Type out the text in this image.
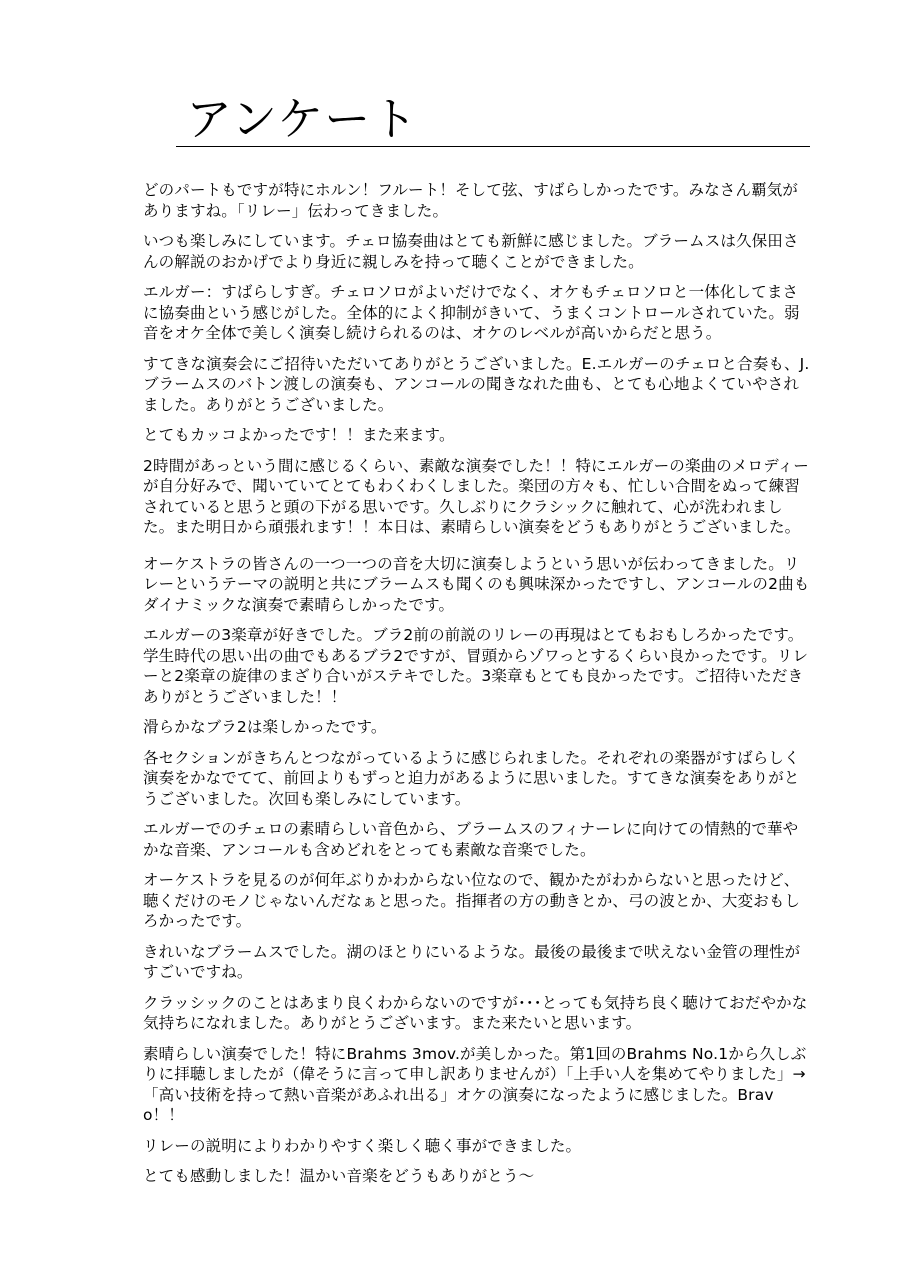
アンケート
どのパートもですが特にホルン！フルート！そして弦、すばらしかったです。みなさん覇気がありますね。「リレー」伝わってきました。
いつも楽しみにしています。チェロ協奏曲はとても新鮮に感じました。ブラームスは久保田さんの解説のおかげでより身近に親しみを持って聴くことができました。
エルガー：すばらしすぎ。チェロソロがよいだけでなく、オケもチェロソロと一体化してまさに協奏曲という感じがした。全体的によく抑制がきいて、うまくコントロールされていた。弱音をオケ全体で美しく演奏し続けられるのは、オケのレベルが高いからだと思う。
すてきな演奏会にご招待いただいてありがとうございました。E.エルガーのチェロと合奏も、J.ブラームスのバトン渡しの演奏も、アンコールの聞きなれた曲も、とても心地よくていやされました。ありがとうございました。
とてもカッコよかったです！！また来ます。
2時間があっという間に感じるくらい、素敵な演奏でした！！特にエルガーの楽曲のメロディーが自分好みで、聞いていてとてもわくわくしました。楽団の方々も、忙しい合間をぬって練習されていると思うと頭の下がる思いです。久しぶりにクラシックに触れて、心が洗われました。また明日から頑張れます！！本日は、素晴らしい演奏をどうもありがとうございました。
オーケストラの皆さんの一つ一つの音を大切に演奏しようという思いが伝わってきました。リレーというテーマの説明と共にブラームスも聞くのも興味深かったですし、アンコールの2曲もダイナミックな演奏で素晴らしかったです。
エルガーの3楽章が好きでした。ブラ2前の前説のリレーの再現はとてもおもしろかったです。学生時代の思い出の曲でもあるブラ2ですが、冒頭からゾワっとするくらい良かったです。リレーと2楽章の旋律のまざり合いがステキでした。3楽章もとても良かったです。ご招待いただきありがとうございました！！
滑らかなブラ2は楽しかったです。
各セクションがきちんとつながっているように感じられました。それぞれの楽器がすばらしく演奏をかなでてて、前回よりもずっと迫力があるように思いました。すてきな演奏をありがとうございました。次回も楽しみにしています。
エルガーでのチェロの素晴らしい音色から、ブラームスのフィナーレに向けての情熱的で華やかな音楽、アンコールも含めどれをとっても素敵な音楽でした。
オーケストラを見るのが何年ぶりかわからない位なので、観かたがわからないと思ったけど、聴くだけのモノじゃないんだなぁと思った。指揮者の方の動きとか、弓の波とか、大変おもしろかったです。
きれいなブラームスでした。湖のほとりにいるような。最後の最後まで吠えない金管の理性がすごいですね。
クラッシックのことはあまり良くわからないのですが･･･とっても気持ち良く聴けておだやかな気持ちになれました。ありがとうございます。また来たいと思います。
素晴らしい演奏でした！特にBrahms 3mov.が美しかった。第1回のBrahms No.1から久しぶりに拝聴しましたが（偉そうに言って申し訳ありませんが）「上手い人を集めてやりました」→「高い技術を持って熱い音楽があふれ出る」オケの演奏になったように感じました。Bravo！！
リレーの説明によりわかりやすく楽しく聴く事ができました。
とても感動しました！温かい音楽をどうもありがとう～
